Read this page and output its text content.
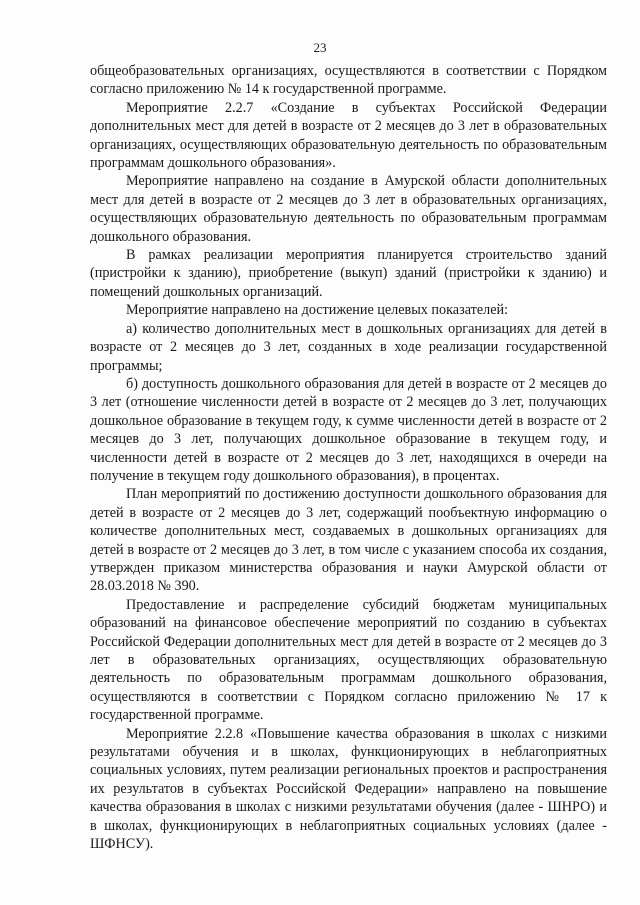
23

общеобразовательных организациях, осуществляются в соответствии с Порядком согласно приложению № 14 к государственной программе.

Мероприятие 2.2.7 «Создание в субъектах Российской Федерации дополнительных мест для детей в возрасте от 2 месяцев до 3 лет в образовательных организациях, осуществляющих образовательную деятельность по образовательным программам дошкольного образования».

Мероприятие направлено на создание в Амурской области дополнительных мест для детей в возрасте от 2 месяцев до 3 лет в образовательных организациях, осуществляющих образовательную деятельность по образовательным программам дошкольного образования.

В рамках реализации мероприятия планируется строительство зданий (пристройки к зданию), приобретение (выкуп) зданий (пристройки к зданию) и помещений дошкольных организаций.

Мероприятие направлено на достижение целевых показателей:

а) количество дополнительных мест в дошкольных организациях для детей в возрасте от 2 месяцев до 3 лет, созданных в ходе реализации государственной программы;

б) доступность дошкольного образования для детей в возрасте от 2 месяцев до 3 лет (отношение численности детей в возрасте от 2 месяцев до 3 лет, получающих дошкольное образование в текущем году, к сумме численности детей в возрасте от 2 месяцев до 3 лет, получающих дошкольное образование в текущем году, и численности детей в возрасте от 2 месяцев до 3 лет, находящихся в очереди на получение в текущем году дошкольного образования), в процентах.

План мероприятий по достижению доступности дошкольного образования для детей в возрасте от 2 месяцев до 3 лет, содержащий пообъектную информацию о количестве дополнительных мест, создаваемых в дошкольных организациях для детей в возрасте от 2 месяцев до 3 лет, в том числе с указанием способа их создания, утвержден приказом министерства образования и науки Амурской области от 28.03.2018 № 390.

Предоставление и распределение субсидий бюджетам муниципальных образований на финансовое обеспечение мероприятий по созданию в субъектах Российской Федерации дополнительных мест для детей в возрасте от 2 месяцев до 3 лет в образовательных организациях, осуществляющих образовательную деятельность по образовательным программам дошкольного образования, осуществляются в соответствии с Порядком согласно приложению № 17 к государственной программе.

Мероприятие 2.2.8 «Повышение качества образования в школах с низкими результатами обучения и в школах, функционирующих в неблагоприятных социальных условиях, путем реализации региональных проектов и распространения их результатов в субъектах Российской Федерации» направлено на повышение качества образования в школах с низкими результатами обучения (далее - ШНРО) и в школах, функционирующих в неблагоприятных социальных условиях (далее - ШФНСУ).
